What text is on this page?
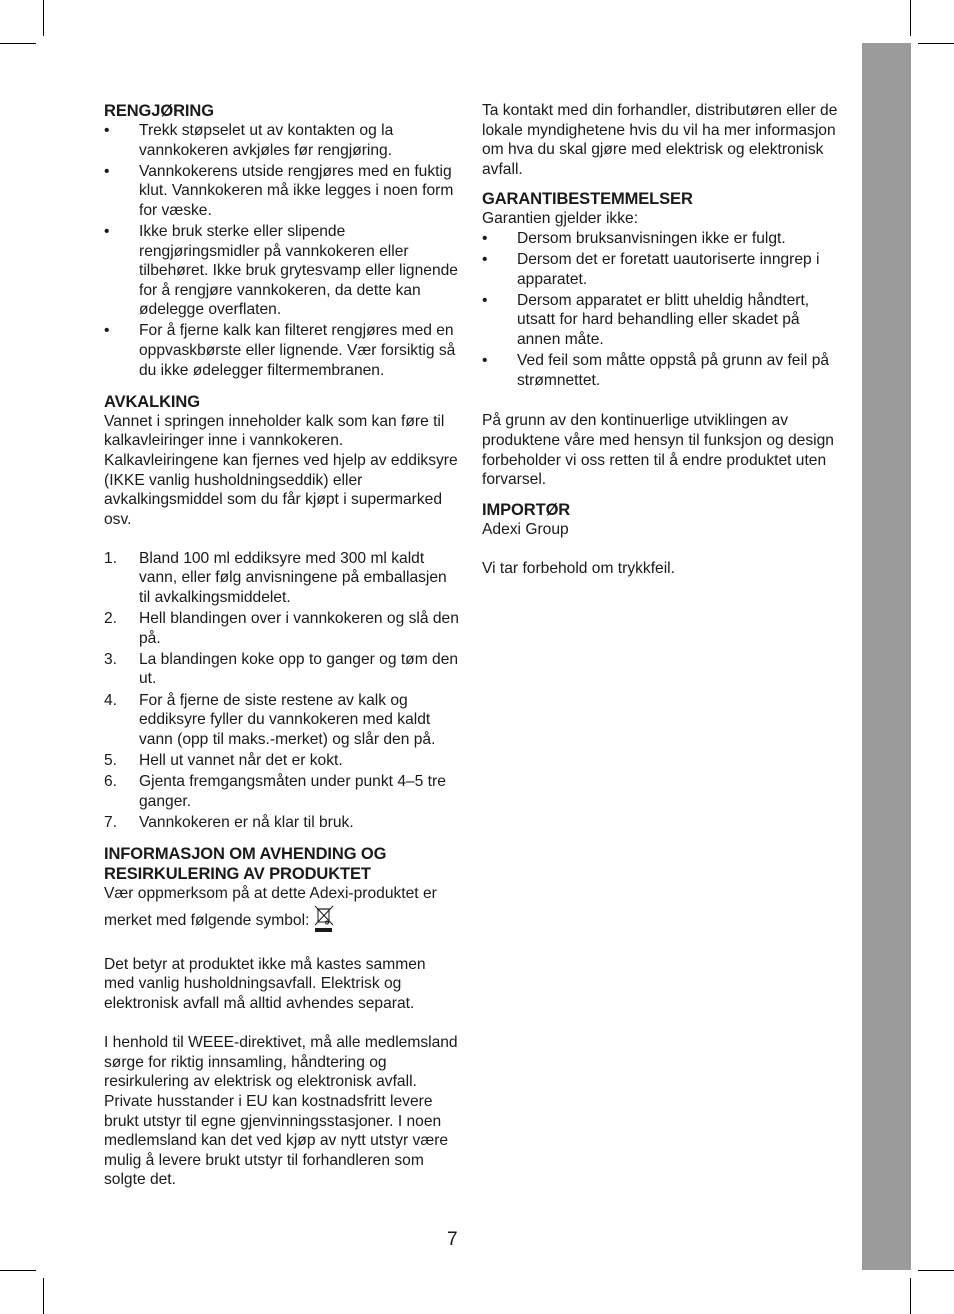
RENGJØRING
• Trekk støpselet ut av kontakten og la vannkokeren avkjøles før rengjøring.
• Vannkokerens utside rengjøres med en fuktig klut. Vannkokeren må ikke legges i noen form for væske.
• Ikke bruk sterke eller slipende rengjøringsmidler på vannkokeren eller tilbehøret. Ikke bruk grytesvamp eller lignende for å rengjøre vannkokeren, da dette kan ødelegge overflaten.
• For å fjerne kalk kan filteret rengjøres med en oppvaskbørste eller lignende. Vær forsiktig så du ikke ødelegger filtermembranen.
AVKALKING

Vannet i springen inneholder kalk som kan føre til kalkavleiringer inne i vannkokeren. Kalkavleiringene kan fjernes ved hjelp av eddiksyre (IKKE vanlig husholdningseddik) eller avkalkingsmiddel som du får kjøpt i supermarked osv.

1. Bland 100 ml eddiksyre med 300 ml kaldt vann, eller følg anvisningene på emballasjen til avkalkingsmiddelet.
2. Hell blandingen over i vannkokeren og slå den på.
3. La blandingen koke opp to ganger og tøm den ut.
4. For å fjerne de siste restene av kalk og eddiksyre fyller du vannkokeren med kaldt vann (opp til maks.-merket) og slår den på.
5. Hell ut vannet når det er kokt.
6. Gjenta fremgangsmåten under punkt 4–5 tre ganger.
7. Vannkokeren er nå klar til bruk.
INFORMASJON OM AVHENDING OG RESIRKULERING AV PRODUKTET

Vær oppmerksom på at dette Adexi-produktet er merket med følgende symbol:

Det betyr at produktet ikke må kastes sammen med vanlig husholdningsavfall. Elektrisk og elektronisk avfall må alltid avhendes separat.

I henhold til WEEE-direktivet, må alle medlemsland sørge for riktig innsamling, håndtering og resirkulering av elektrisk og elektronisk avfall. Private husstander i EU kan kostnadsfritt levere brukt utstyr til egne gjenvinningsstasjoner. I noen medlemsland kan det ved kjøp av nytt utstyr være mulig å levere brukt utstyr til forhandleren som solgte det.

Ta kontakt med din forhandler, distributøren eller de lokale myndighetene hvis du vil ha mer informasjon om hva du skal gjøre med elektrisk og elektronisk avfall.

GARANTIBESTEMMELSER

Garantien gjelder ikke:

• Dersom bruksanvisningen ikke er fulgt.
• Dersom det er foretatt uautoriserte inngrep i apparatet.
• Dersom apparatet er blitt uheldig håndtert, utsatt for hard behandling eller skadet på annen måte.
• Ved feil som måtte oppstå på grunn av feil på strømnettet.

På grunn av den kontinuerlige utviklingen av produktene våre med hensyn til funksjon og design forbeholder vi oss retten til å endre produktet uten forvarsel.

IMPORTØR

Adexi Group

Vi tar forbehold om trykkfeil.

7
